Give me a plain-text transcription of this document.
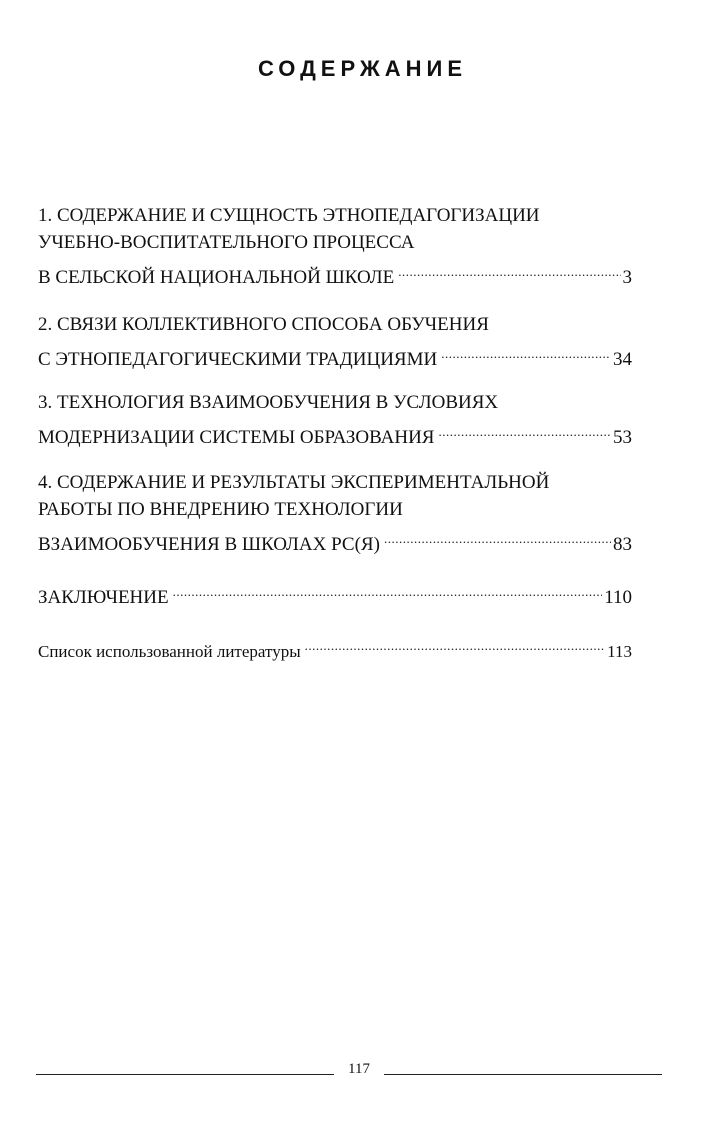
СОДЕРЖАНИЕ
1. СОДЕРЖАНИЕ И СУЩНОСТЬ ЭТНОПЕДАГОГИЗАЦИИ
УЧЕБНО-ВОСПИТАТЕЛЬНОГО ПРОЦЕССА
В СЕЛЬСКОЙ НАЦИОНАЛЬНОЙ ШКОЛЕ .....	3
2. СВЯЗИ КОЛЛЕКТИВНОГО СПОСОБА ОБУЧЕНИЯ
С ЭТНОПЕДАГОГИЧЕСКИМИ ТРАДИЦИЯМИ .....	34
3. ТЕХНОЛОГИЯ ВЗАИМООБУЧЕНИЯ В УСЛОВИЯХ
МОДЕРНИЗАЦИИ СИСТЕМЫ ОБРАЗОВАНИЯ .....	53
4. СОДЕРЖАНИЕ И РЕЗУЛЬТАТЫ ЭКСПЕРИМЕНТАЛЬНОЙ
РАБОТЫ ПО ВНЕДРЕНИЮ ТЕХНОЛОГИИ
ВЗАИМООБУЧЕНИЯ В ШКОЛАХ РС(Я) .....	83
ЗАКЛЮЧЕНИЕ .....	110
Список использованной литературы .....	113
117
